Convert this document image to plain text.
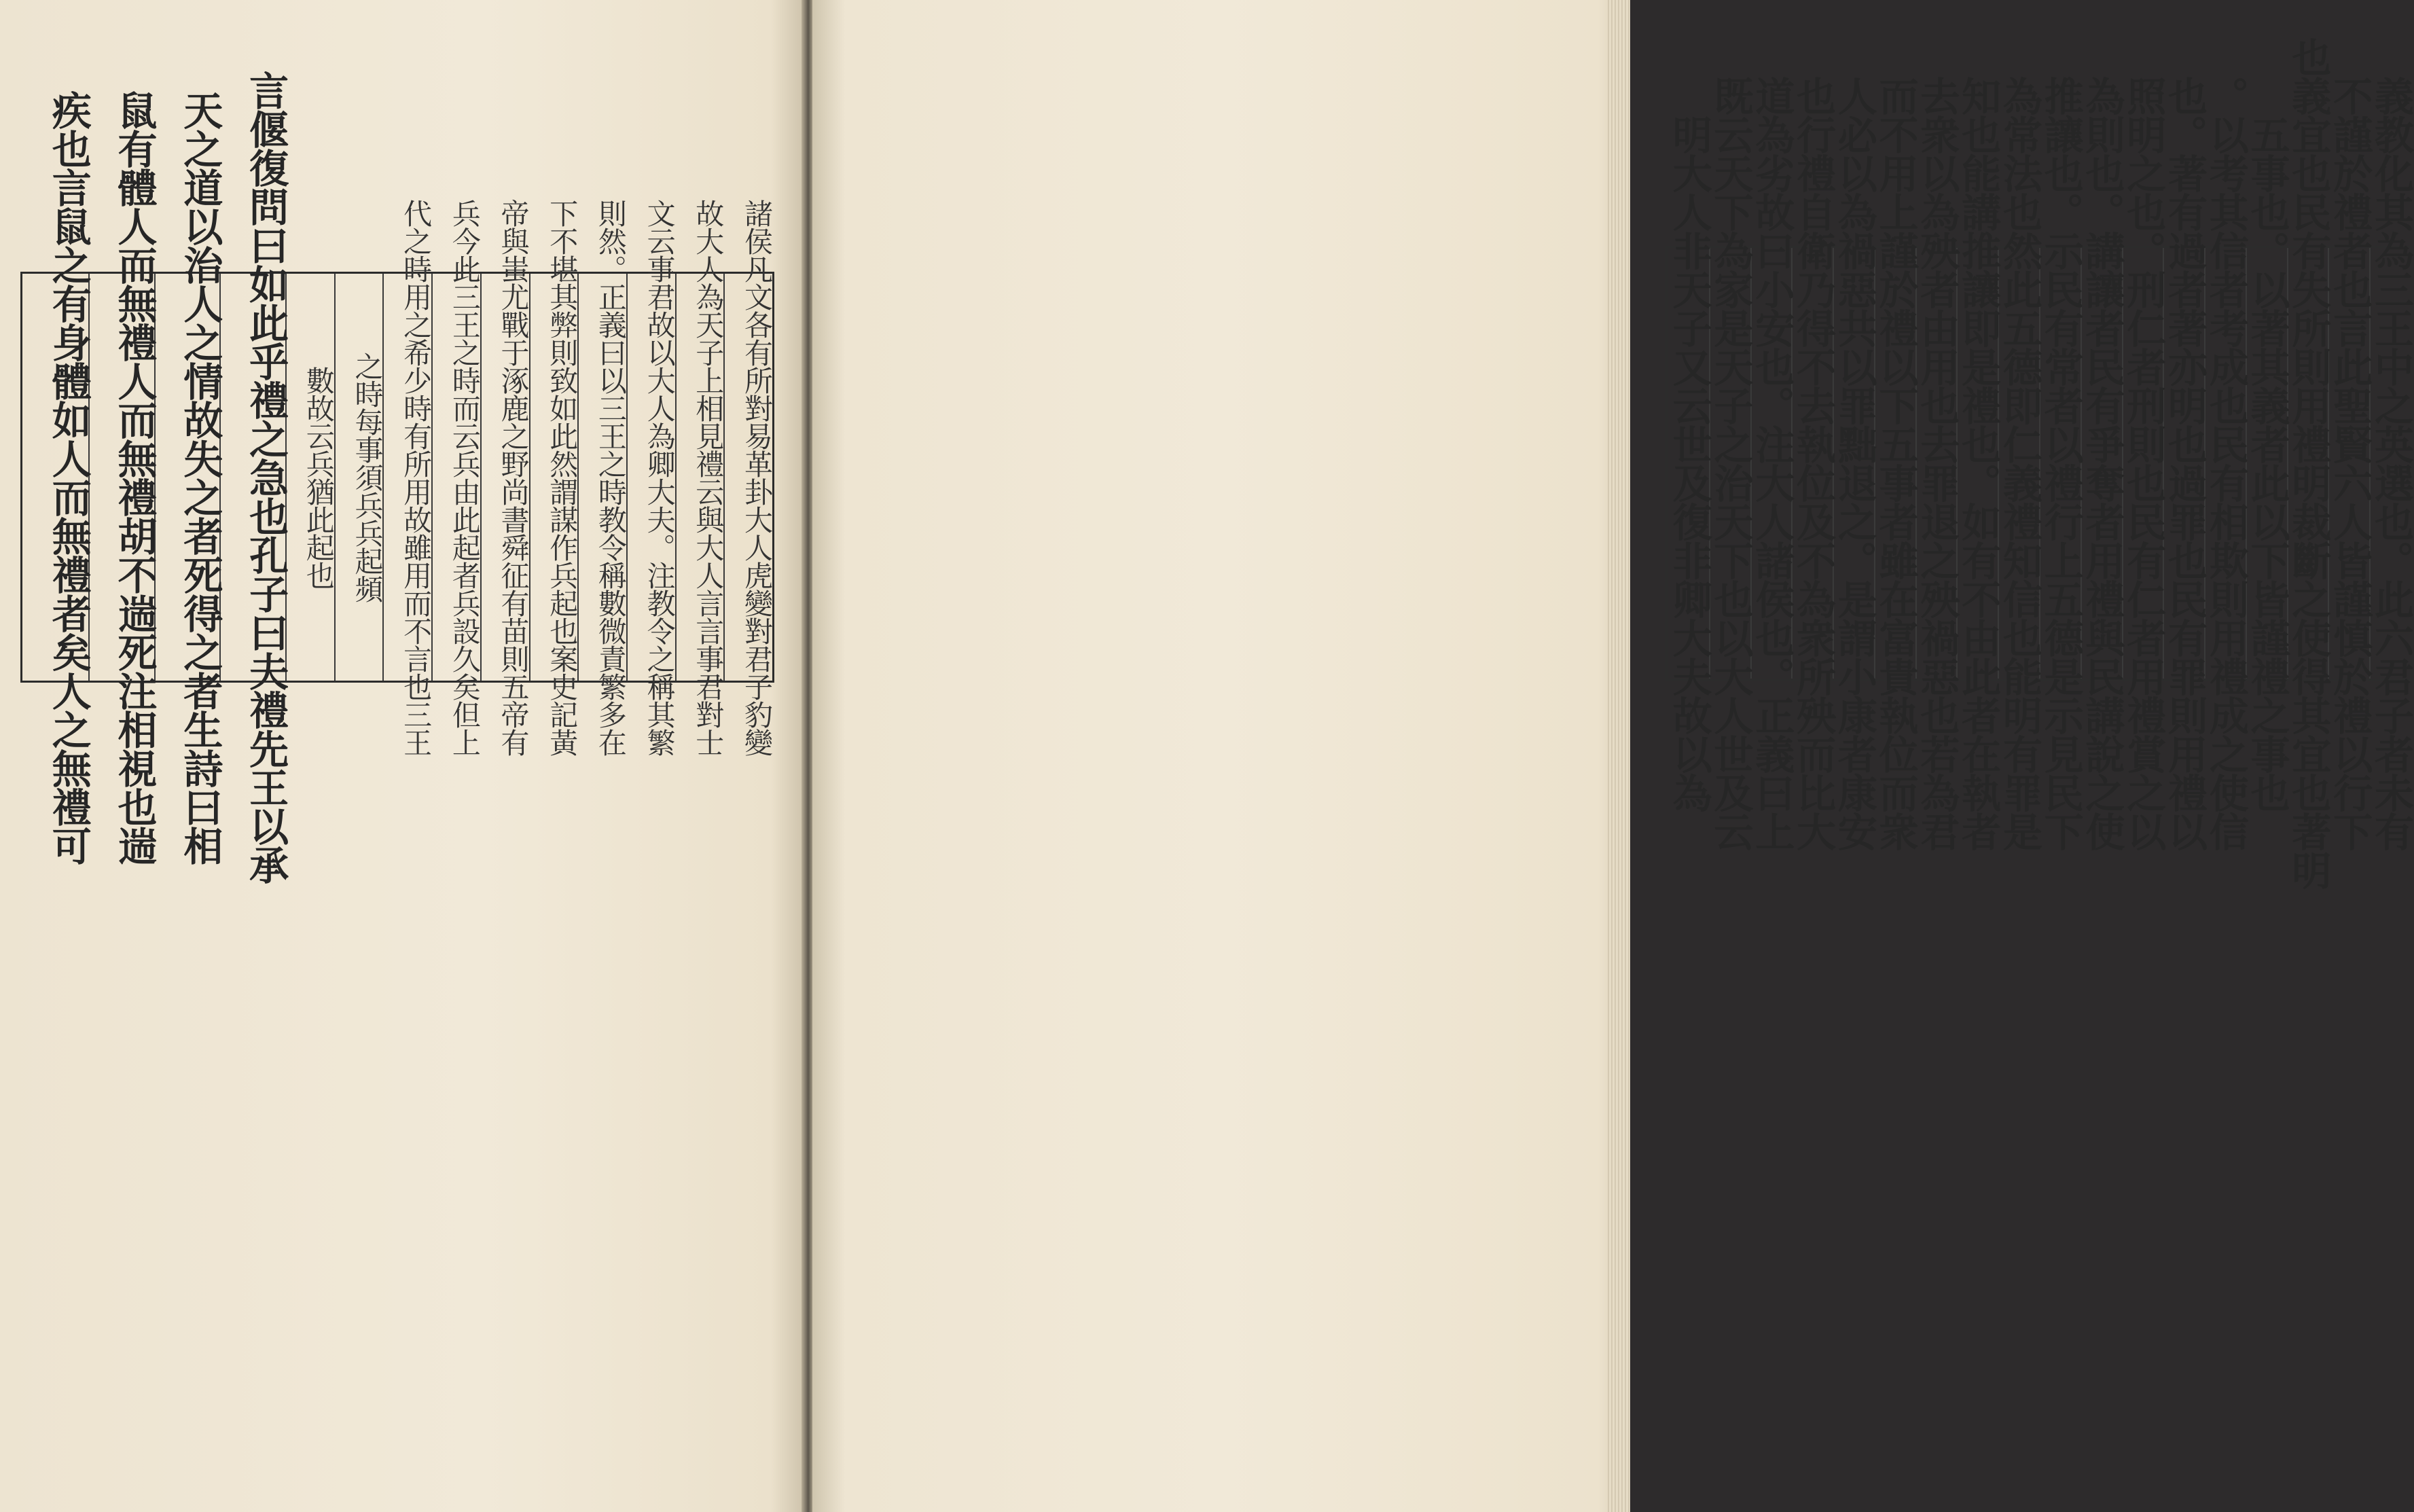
諸侯凡文各有所對易革卦大人虎變對君子豹變
故大人為天子上相見禮云與大人言言事君對士
文云事君故以大人為卿大夫。注教令之稱其繁
則然。正義曰以三王之時教令稱數微責繁多在
下不堪其弊則致如此然謂謀作兵起也案史記黃
帝與蚩尤戰于涿鹿之野尚書舜征有苗則五帝有
兵今此三王之時而云兵由此起者兵設久矣但上
代之時用之希少時有所用故雖用而不言也三王
之時每事須兵兵起頻
數故云兵猶此起也
言偃復問曰如此乎禮之急也孔子曰夫禮先王以承
天之道以治人之情故失之者死得之者生詩曰相
鼠有體人而無禮人而無禮胡不遄死注相視也遄
疾也言鼠之有身體如人而無禮者矣人之無禮可	義教化其為三王中之英選也。此六君子者未有
不謹於禮者也言此聖賢六人皆謹慎於禮以行下
也義宜也民有失所則用禮明裁斷之使得其宜也著明
五事也。以著其義者此以下皆謹禮之事也
。以考其信者考成也民有相欺則用禮成之使信
也。著有過者著亦明也過罪也民有罪則用禮以
照明之也。刑仁者刑則也民有仁者用禮賞之以
為則也。講讓者民有爭奪者用禮與民講說之使
推讓也。示民有常者以禮行上五德是示見民下
為常法也然此五德即仁義禮知信也能明有罪是
知也能講推讓即是禮也。如有不由此者在執者
去衆以為殃者由用也去罪退之殃禍惡也若為君
而不用上謹於禮以下五事者雖在富貴執位而衆
人必以為禍惡共以罪黜退之。是謂小康者康安
也行禮自衛乃得不去執位及不為衆所殃而比大
道為劣故曰小安也。注大人諸侯也。正義曰上
既云天下為家是天子之治天下也以大人世及云
明大人非天子又云世及復非卿大夫故以為
